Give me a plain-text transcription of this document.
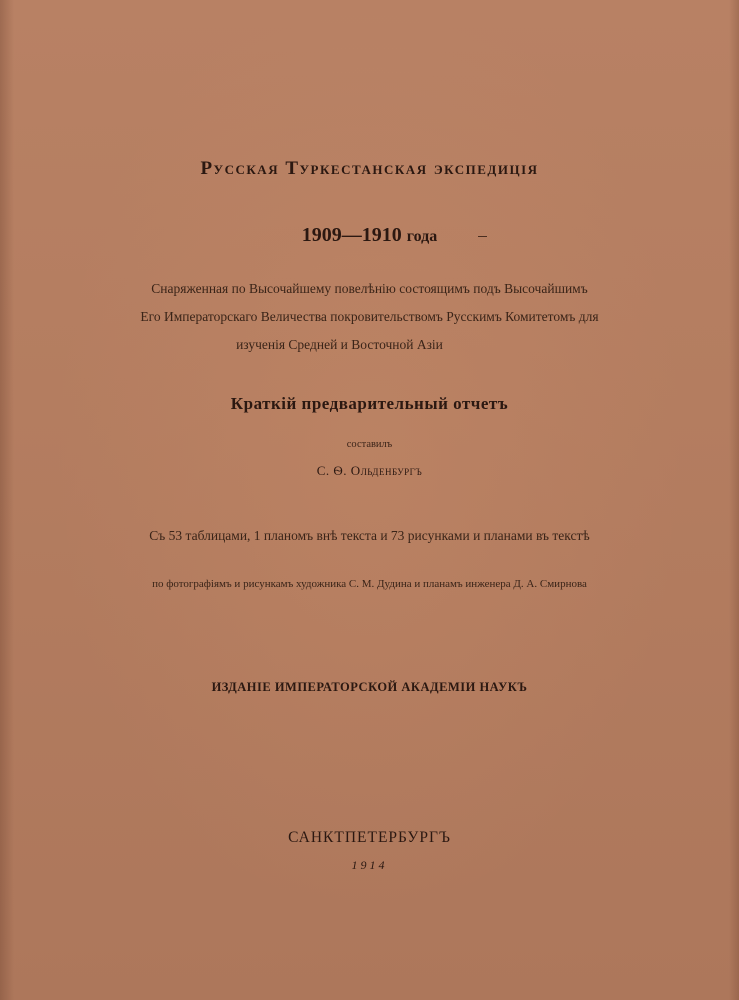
Русская Туркестанская экспедиція
1909—1910 года
Снаряженная по Высочайшему повелѣнію состоящимъ подъ Высочайшимъ
Его Императорскаго Величества покровительствомъ Русскимъ Комитетомъ для
изученія Средней и Восточной Азіи
Краткій предварительный отчетъ
составилъ
С. Ѳ. Ольденбургъ
Съ 53 таблицами, 1 планомъ внѣ текста и 73 рисунками и планами въ текстѣ
по фотографіямъ и рисункамъ художника С. М. Дудина и планамъ инженера Д. А. Смирнова
ИЗДАНІЕ ИМПЕРАТОРСКОЙ АКАДЕМІИ НАУКЪ
САНКТПЕТЕРБУРГЪ
1914
